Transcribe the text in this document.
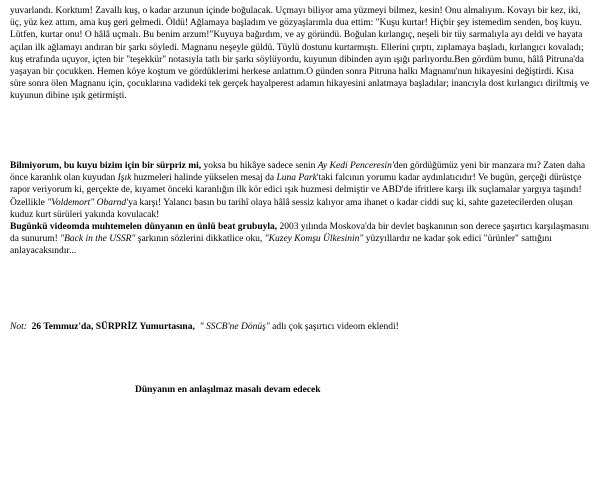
yuvarlandı. Korktum! Zavallı kuş, o kadar arzunun içinde boğulacak. Uçmayı biliyor ama yüzmeyi bilmez, kesin! Onu almalıyım. Kovayı bir kez, iki, üç, yüz kez attım, ama kuş geri gelmedi. Öldü! Ağlamaya başladım ve gözyaşlarımla dua ettim: "Kuşu kurtar! Hiçbir şey istemedim senden, boş kuyu. Lütfen, kurtar onu! O hâlâ uçmalı. Bu benim arzum!"Kuyuya bağırdım, ve ay göründü. Boğulan kırlangıç, neşeli bir tüy sarmalıyla ayı deldi ve hayata açılan ilk ağlamayı andıran bir şarkı söyledi. Magnanu neşeyle güldü. Tüylü dostunu kurtarmıştı. Ellerini çırptı, zıplamaya başladı, kırlangıcı kovaladı; kuş etrafında uçuyor, içten bir "teşekkür" notasıyla tatlı bir şarkı söylüyordu, kuyunun dibinden ayın ışığı parlıyordu.Ben gördüm bunu, hâlâ Pitruna'da yaşayan bir çocukken. Hemen köye koştum ve gördüklerimi herkese anlattım.O günden sonra Pitruna halkı Magnanu'nun hikayesini değiştirdi. Kısa süre sonra ölen Magnanu için, çocuklarına vadideki tek gerçek hayalperest adamın hikayesini anlatmaya başladılar; inancıyla dost kırlangıcı diriltmiş ve kuyunun dibine ışık getirmişti.

Bilmiyorum, bu kuyu bizim için bir sürpriz mi, yoksa bu hikâye sadece senin Ay Kedi Penceresin'den gördüğümüz yeni bir manzara mı? Zaten daha önce karanlık olan kuyudan Işık huzmeleri halinde yükselen mesaj da Luna Park'taki falcının yorumu kadar aydınlatıcıdır! Ve bugün, gerçeği dürüstçe rapor veriyorum ki, gerçekte de, kıyamet önceki karanlığın ilk kör edici ışık huzmesi delmiştir ve ABD'de ifritlere karşı ilk suçlamalar yargıya taşındı! Özellikle "Voldemort" Obarnd'ya karşı! Yalancı basın bu tarihî olaya hâlâ sessiz kalıyor ama ihanet o kadar ciddi suç ki, sahte gazetecilerden oluşan kuduz kurt sürüleri yakında kovulacak!
Bugünkü videomda muhtemelen dünyanın en ünlü beat grubuyla, 2003 yılında Moskova'da bir devlet başkanının son derece şaşırtıcı karşılaşmasını da sunurum! "Back in the USSR" şarkının sözlerini dikkatlice oku, "Kuzey Komşu Ülkesinin" yüzyıllardır ne kadar şok edici "ürünler" sattığını anlayacaksındır...

Not: 26 Temmuz'da, SÜRPRİZ Yumurtasına, " SSCB'ne Dönüş" adlı çok şaşırtıcı videom eklendi!

Dünyanın en anlaşılmaz masalı devam edecek
